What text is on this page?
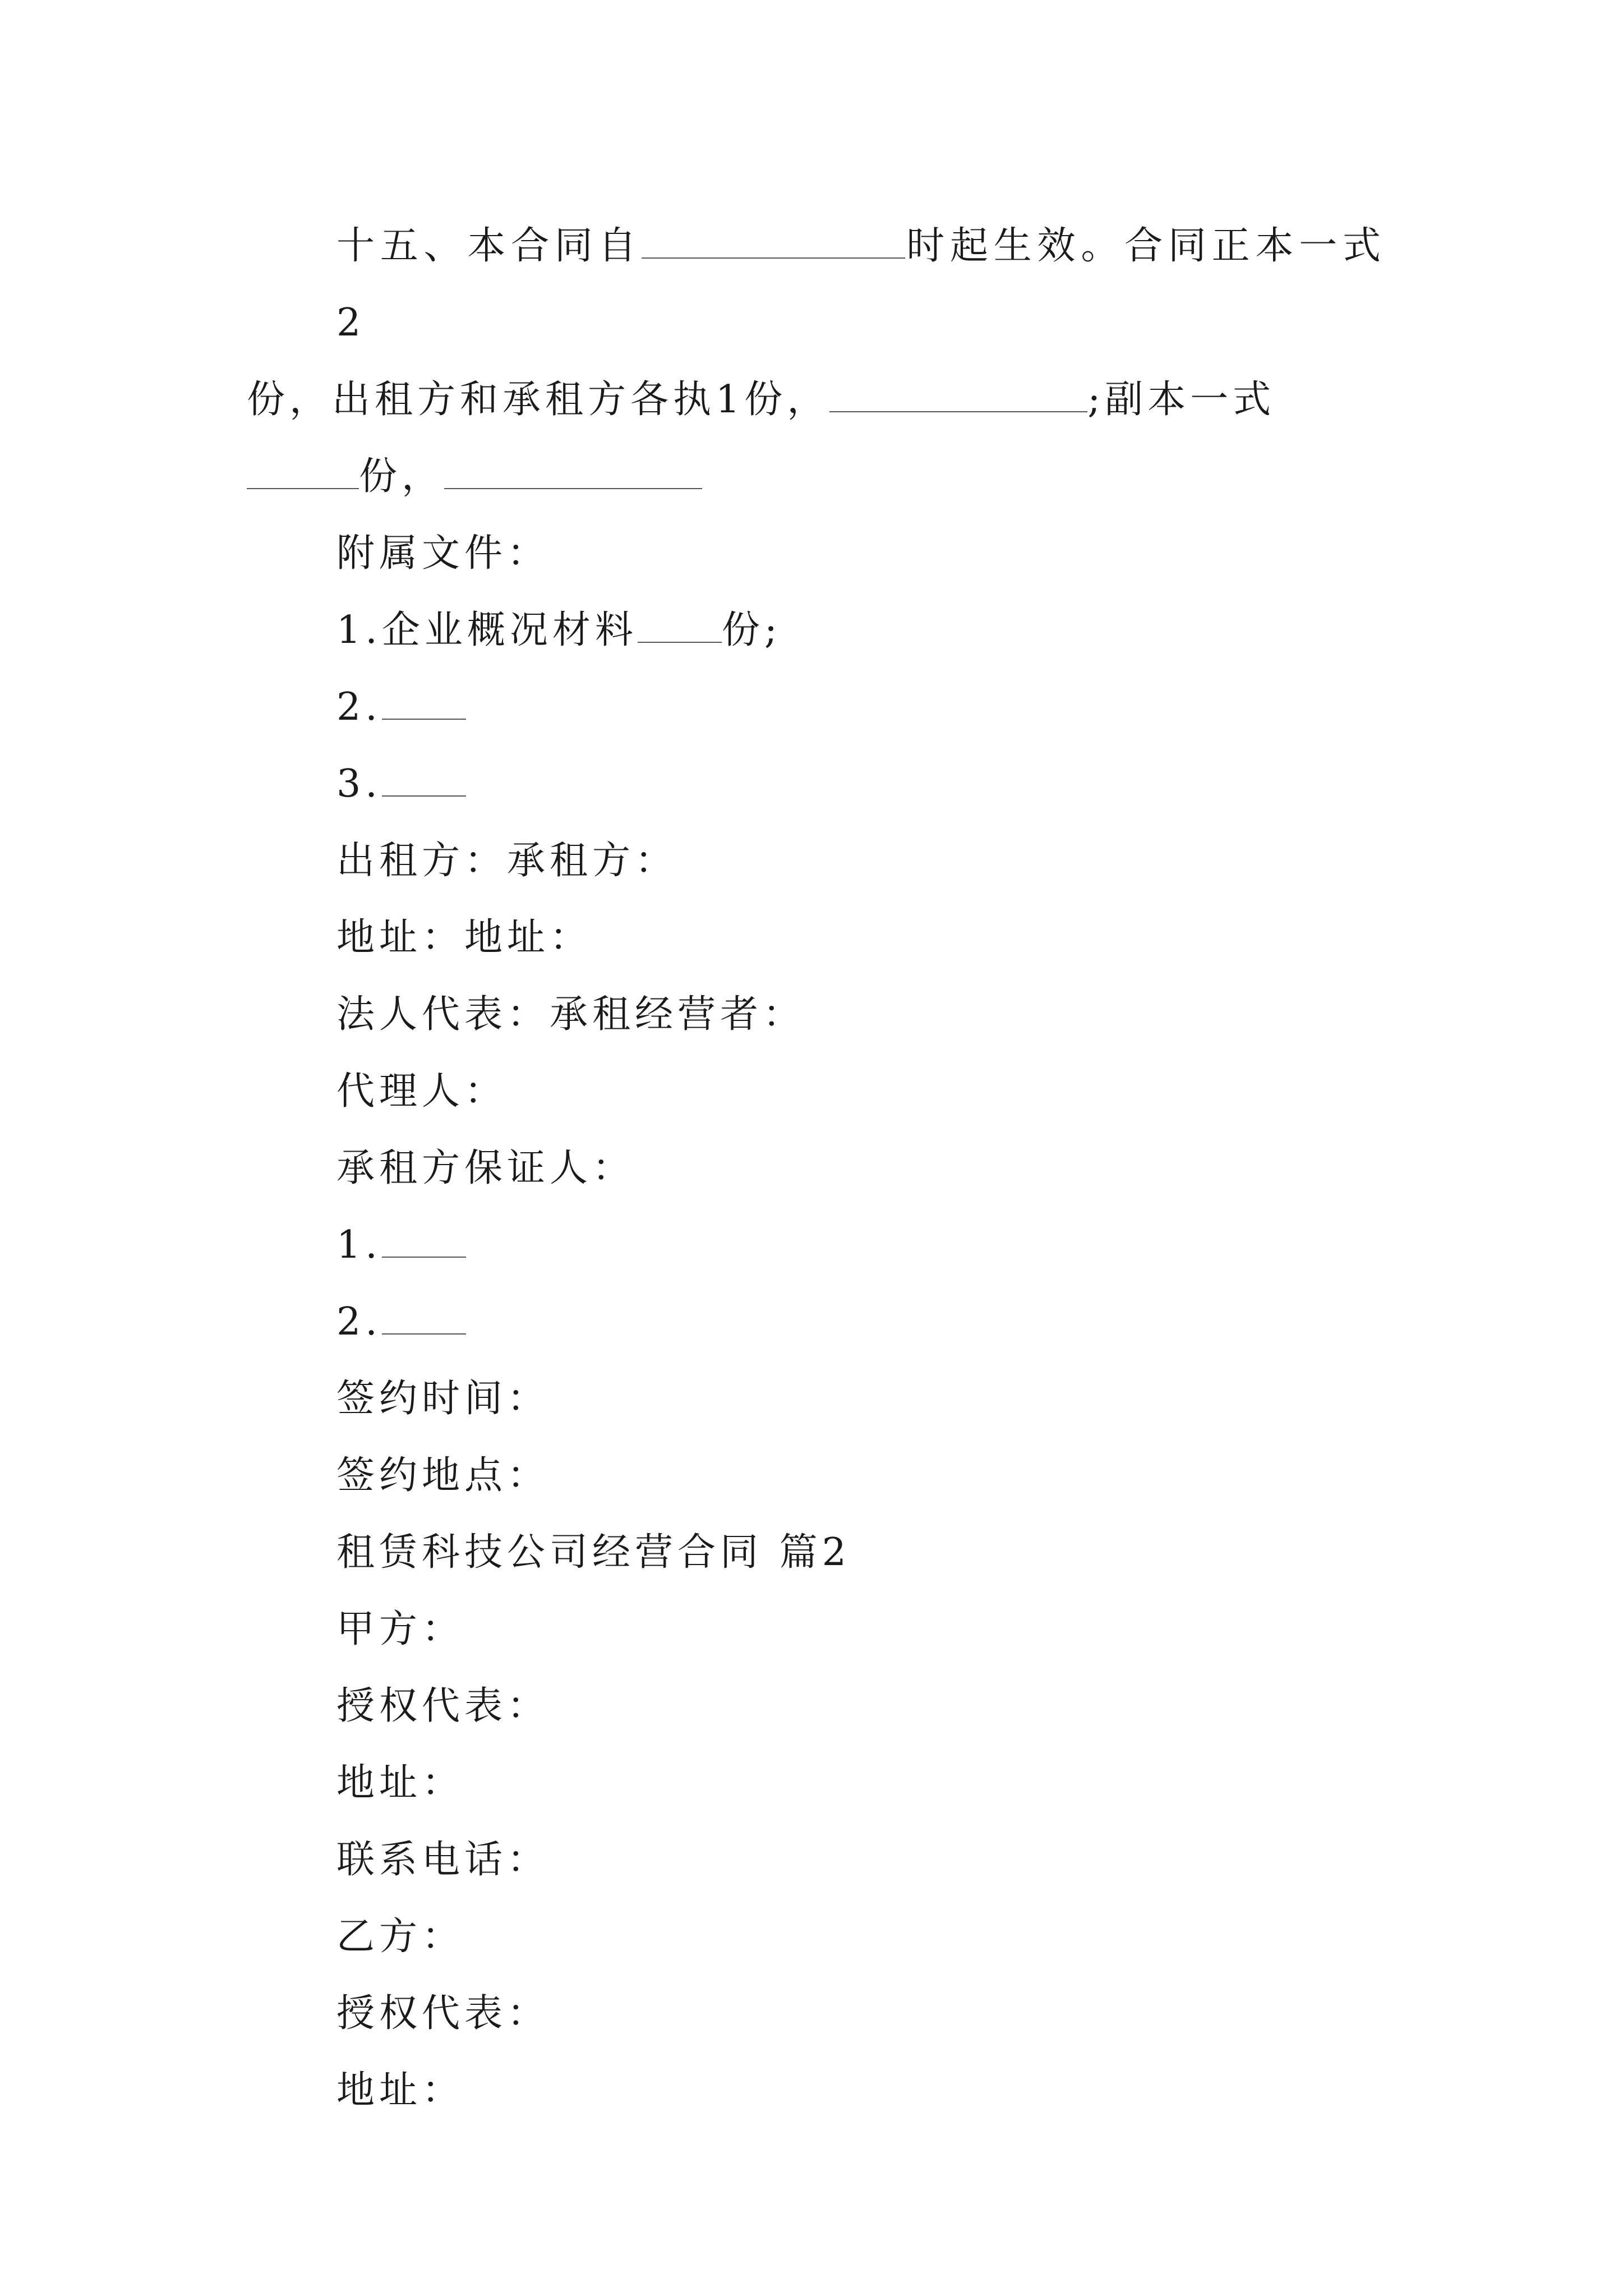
十五、本合同自	时起生效。合同正本一式2

份，出租方和承租方各执1份，	;副本一式

份，

附属文件：

1.企业概况材料 份;

2.

3.

出租方：承租方：

地址：地址：

法人代表：承租经营者：

代理人：

承租方保证人：

1.

2.

签约时间：

签约地点：

租赁科技公司经营合同 篇2

甲方：

授权代表：

地址：

联系电话：

乙方：

授权代表：

地址：
